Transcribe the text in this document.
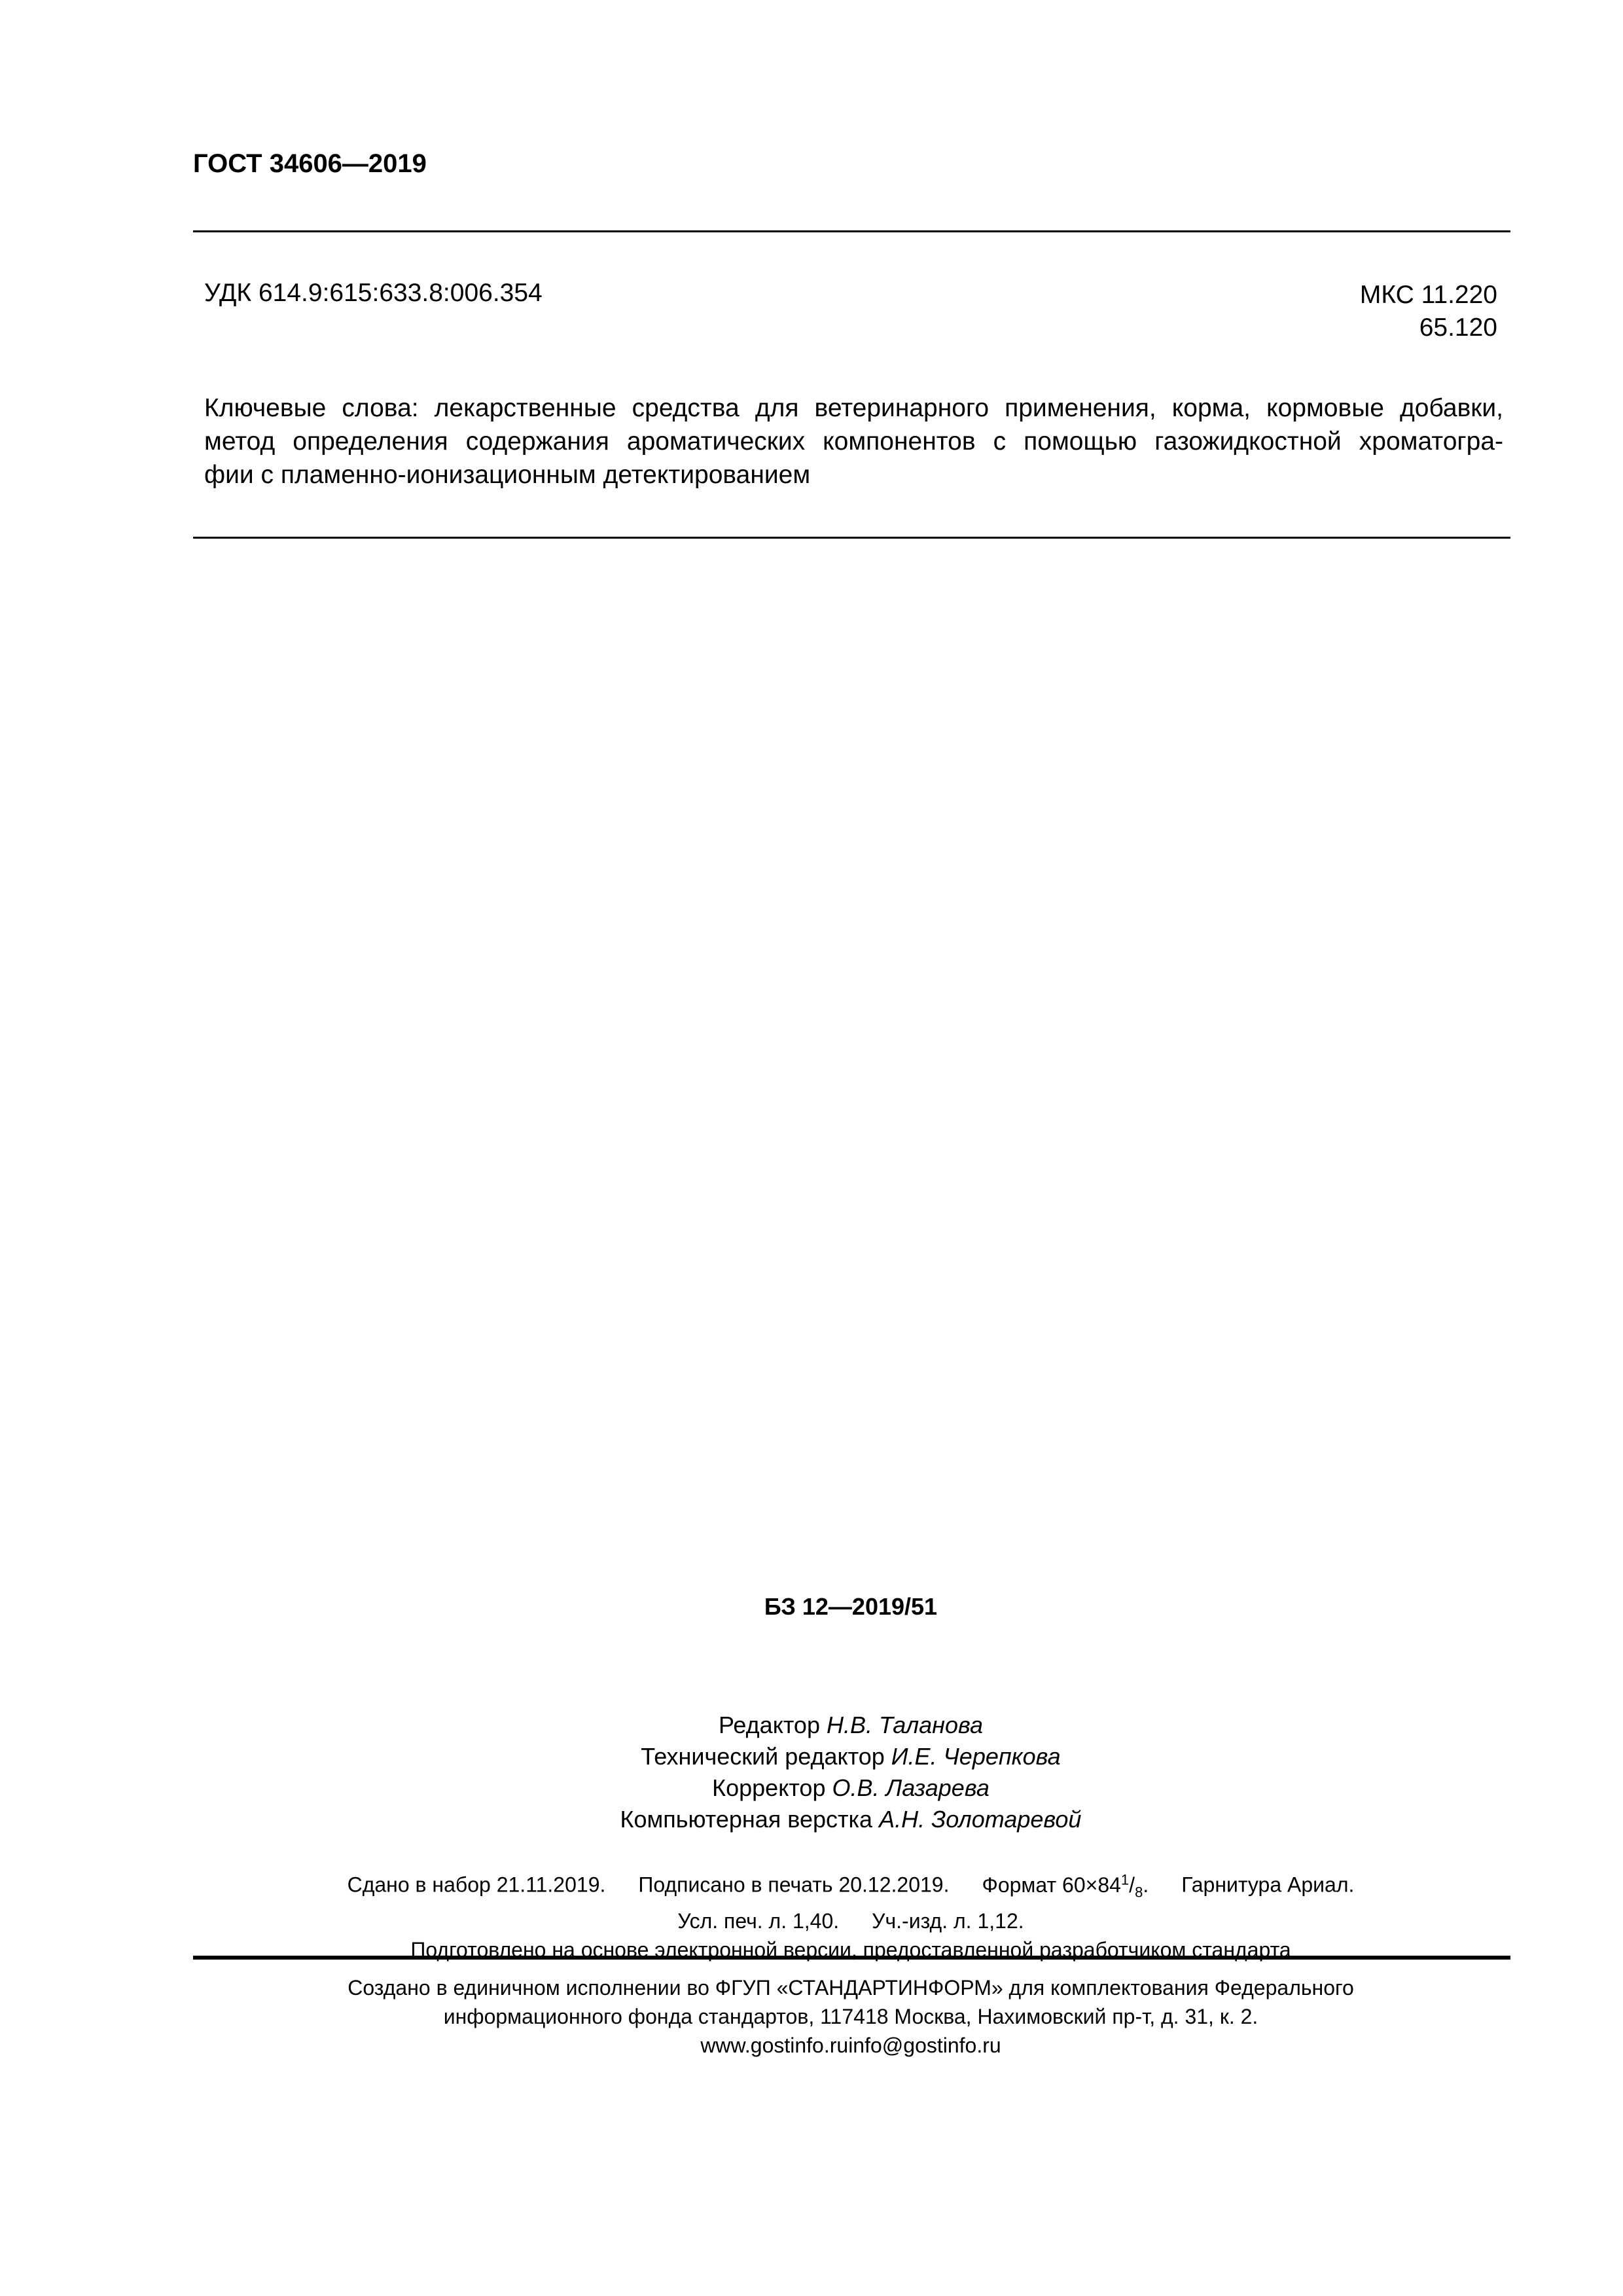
ГОСТ 34606—2019
УДК 614.9:615:633.8:006.354	МКС 11.220
65.120
Ключевые слова: лекарственные средства для ветеринарного применения, корма, кормовые добавки,
метод определения содержания ароматических компонентов с помощью газожидкостной хроматогра-
фии с пламенно-ионизационным детектированием
БЗ 12—2019/51
Редактор Н.В. Таланова
Технический редактор И.Е. Черепкова
Корректор О.В. Лазарева
Компьютерная верстка А.Н. Золотаревой
Сдано в набор 21.11.2019. Подписано в печать 20.12.2019. Формат $60\times 84^1/_8$. Гарнитура Ариал.
Усл. печ. л. 1,40. Уч.-изд. л. 1,12.
Подготовлено на основе электронной версии, предоставленной разработчиком стандарта
Создано в единичном исполнении во ФГУП «СТАНДАРТИНФОРМ» для комплектования Федерального
информационного фонда стандартов, 117418 Москва, Нахимовский пр-т, д. 31, к. 2.
www.gostinfo.ruinfo@gostinfo.ru
